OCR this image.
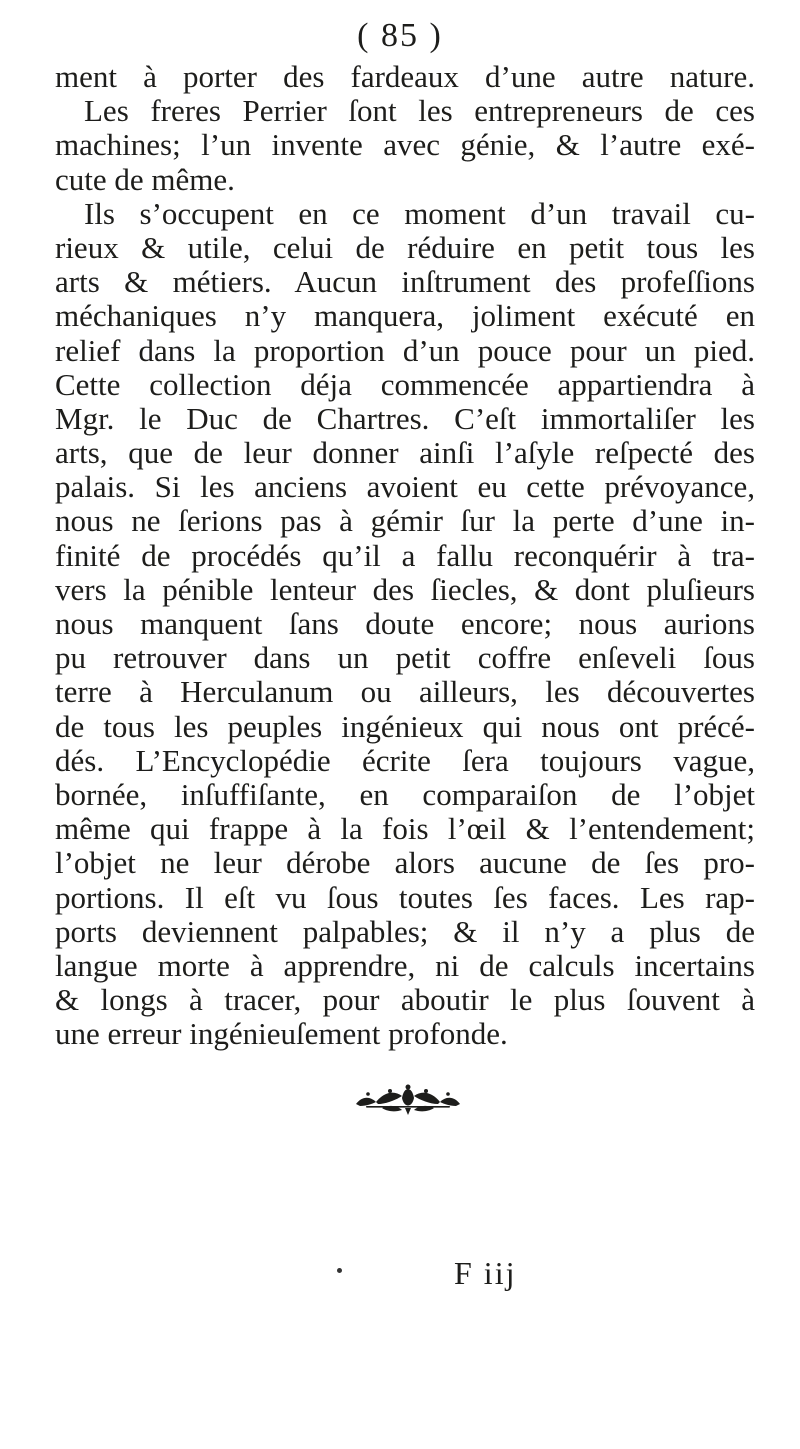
( 85 )
ment à porter des fardeaux d’une autre nature.
Les freres Perrier ſont les entrepreneurs de ces
machines; l’un invente avec génie, & l’autre exé-
cute de même.
Ils s’occupent en ce moment d’un travail cu-
rieux & utile, celui de réduire en petit tous les
arts & métiers. Aucun inſtrument des profeſſions
méchaniques n’y manquera, joliment exécuté en
relief dans la proportion d’un pouce pour un pied.
Cette collection déja commencée appartiendra à
Mgr. le Duc de Chartres. C’eſt immortaliſer les
arts, que de leur donner ainſi l’aſyle reſpecté des
palais. Si les anciens avoient eu cette prévoyance,
nous ne ſerions pas à gémir ſur la perte d’une in-
finité de procédés qu’il a fallu reconquérir à tra-
vers la pénible lenteur des ſiecles, & dont pluſieurs
nous manquent ſans doute encore; nous aurions
pu retrouver dans un petit coffre enſeveli ſous
terre à Herculanum ou ailleurs, les découvertes
de tous les peuples ingénieux qui nous ont précé-
dés. L’Encyclopédie écrite ſera toujours vague,
bornée, inſuffiſante, en comparaiſon de l’objet
même qui frappe à la fois l’œil & l’entendement;
l’objet ne leur dérobe alors aucune de ſes pro-
portions. Il eſt vu ſous toutes ſes faces. Les rap-
ports deviennent palpables; & il n’y a plus de
langue morte à apprendre, ni de calculs incertains
& longs à tracer, pour aboutir le plus ſouvent à
une erreur ingénieuſement profonde.
F iij
